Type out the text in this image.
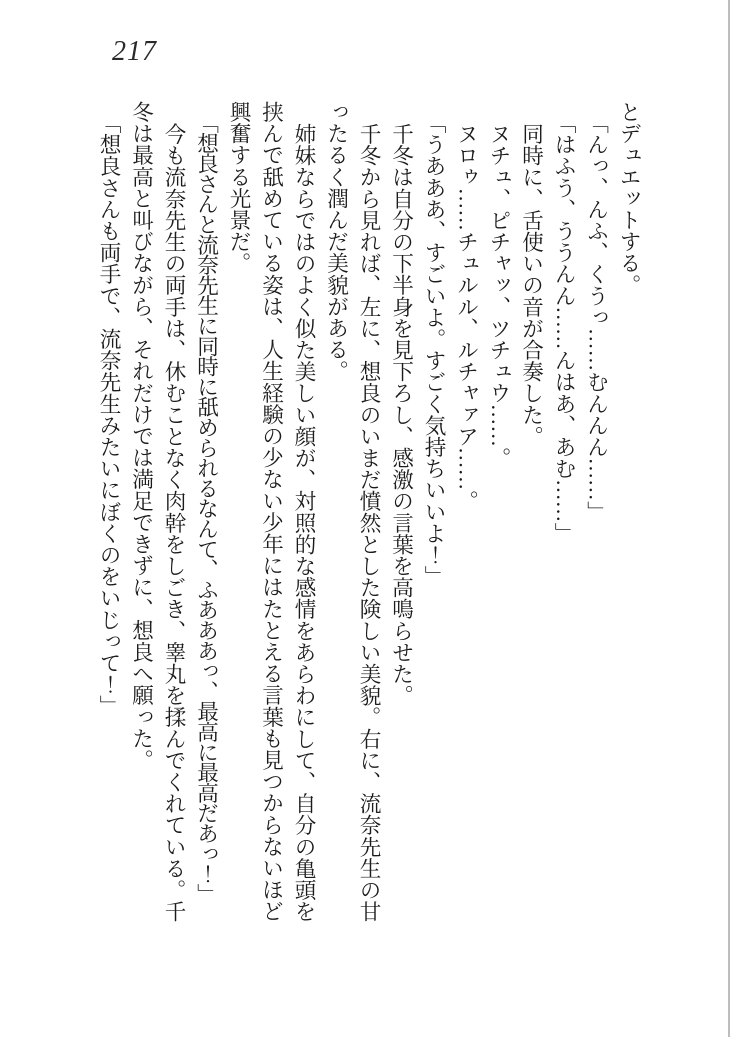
217

とデュエットする。

「んっ、んふ、くうっ……むんんん……」

「はふう、ううんん……んはあ、あむ……」

同時に、舌使いの音が合奏した。

ヌチュ、ピチャッ、ツチュウ……。

ヌロゥ……チュルル、ルチャァア……。

「うあああ、すごいよ。すごく気持ちいいよ！」

千冬は自分の下半身を見下ろし、感激の言葉を高鳴らせた。

千冬から見れば、左に、想良のいまだ憤然とした険しい美貌。右に、流奈先生の甘ったるく潤んだ美貌がある。

姉妹ならではのよく似た美しい顔が、対照的な感情をあらわにして、自分の亀頭を挟んで舐めている姿は、人生経験の少ない少年にはたとえる言葉も見つからないほど興奮する光景だ。

「想良さんと流奈先生に同時に舐められるなんて、ふあああっ、最高に最高だあっ！」

今も流奈先生の両手は、休むことなく肉幹をしごき、睾丸を揉んでくれている。千冬は最高と叫びながら、それだけでは満足できずに、想良へ願った。

「想良さんも両手で、流奈先生みたいにぼくのをいじって！」
